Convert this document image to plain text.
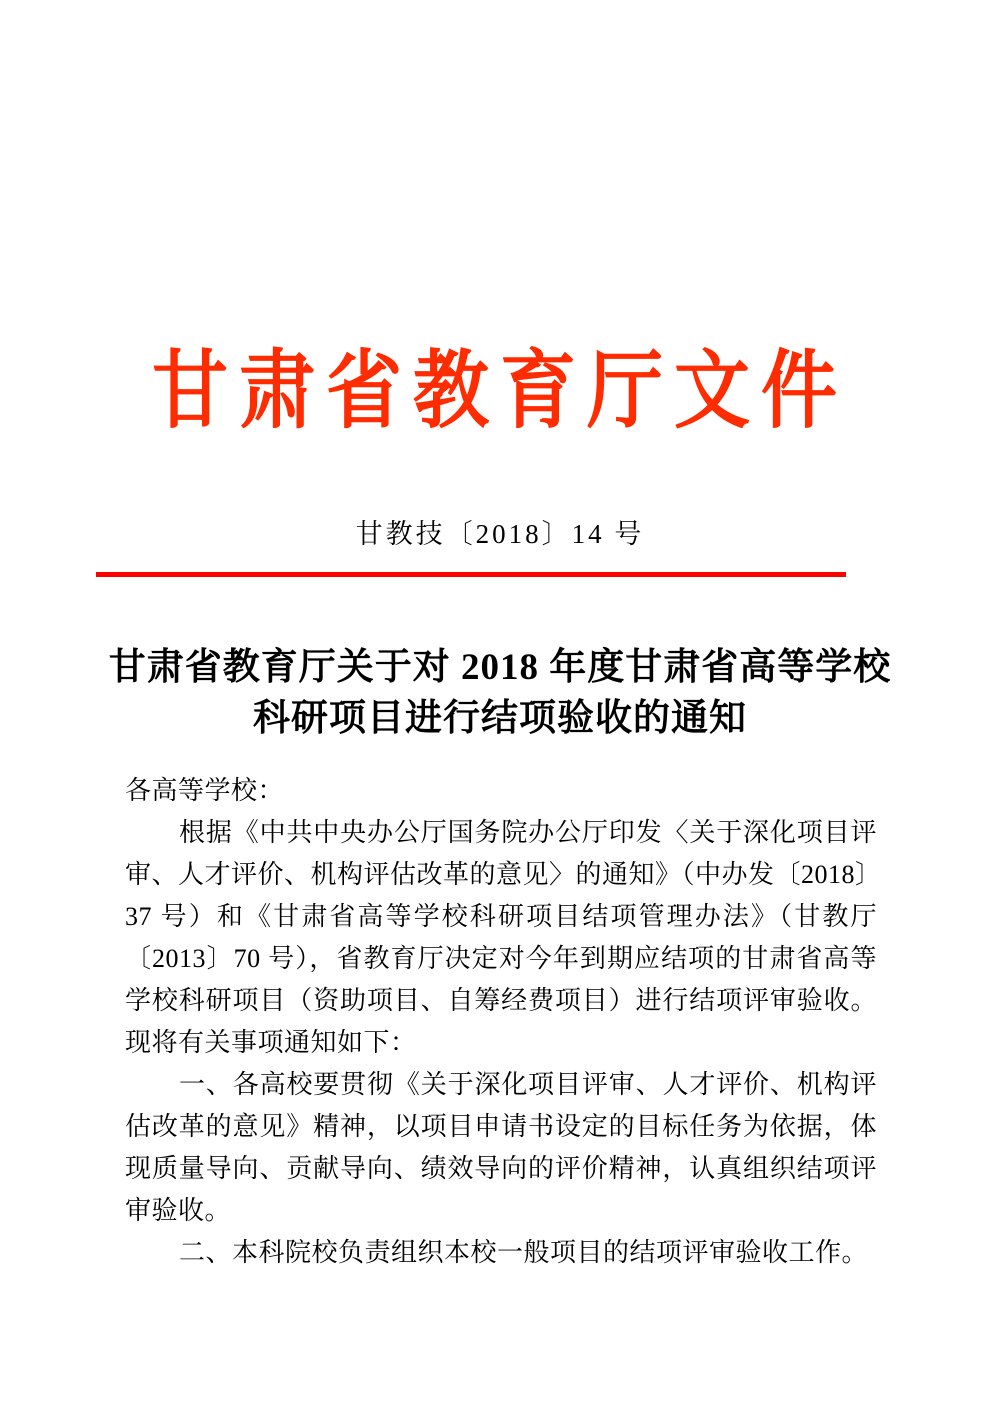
甘肃省教育厅文件
甘教技〔2018〕14 号
甘肃省教育厅关于对 2018 年度甘肃省高等学校
科研项目进行结项验收的通知
各高等学校：
根据《中共中央办公厅国务院办公厅印发〈关于深化项目评
审、人才评价、机构评估改革的意见〉的通知》（中办发〔2018〕
37 号）和《甘肃省高等学校科研项目结项管理办法》（甘教厅
〔2013〕70 号），省教育厅决定对今年到期应结项的甘肃省高等
学校科研项目（资助项目、自筹经费项目）进行结项评审验收。
现将有关事项通知如下：
一、各高校要贯彻《关于深化项目评审、人才评价、机构评
估改革的意见》精神，以项目申请书设定的目标任务为依据，体
现质量导向、贡献导向、绩效导向的评价精神，认真组织结项评
审验收。
二、本科院校负责组织本校一般项目的结项评审验收工作。
